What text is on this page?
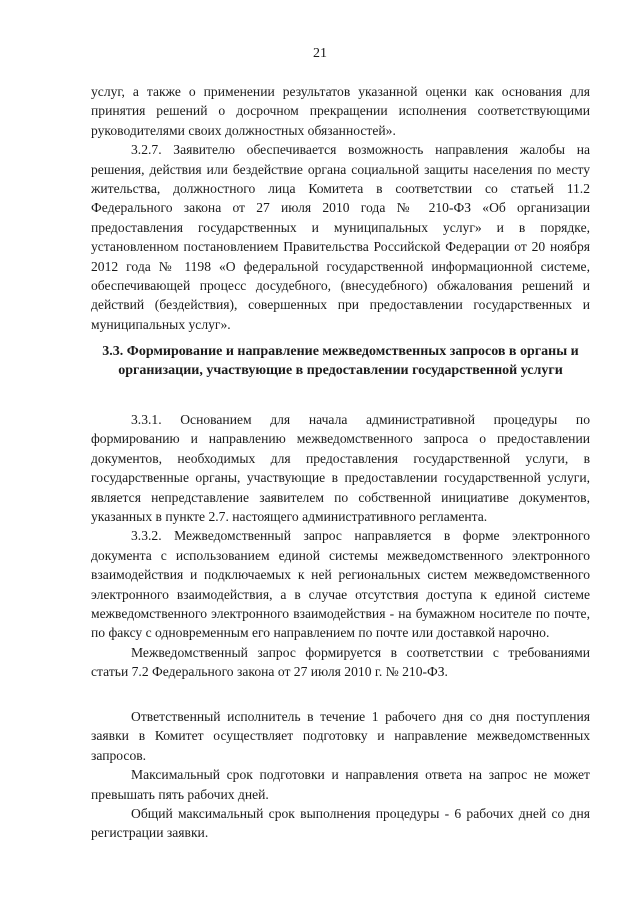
21

услуг, а также о применении результатов указанной оценки как основания для принятия решений о досрочном прекращении исполнения соответствующими руководителями своих должностных обязанностей».

3.2.7. Заявителю обеспечивается возможность направления жалобы на решения, действия или бездействие органа социальной защиты населения по месту жительства, должностного лица Комитета в соответствии со статьей 11.2 Федерального закона от 27 июля 2010 года № 210-ФЗ «Об организации предоставления государственных и муниципальных услуг» и в порядке, установленном постановлением Правительства Российской Федерации от 20 ноября 2012 года № 1198 «О федеральной государственной информационной системе, обеспечивающей процесс досудебного, (внесудебного) обжалования решений и действий (бездействия), совершенных при предоставлении государственных и муниципальных услуг».

3.3. Формирование и направление межведомственных запросов в органы и организации, участвующие в предоставлении государственной услуги

3.3.1. Основанием для начала административной процедуры по формированию и направлению межведомственного запроса о предоставлении документов, необходимых для предоставления государственной услуги, в государственные органы, участвующие в предоставлении государственной услуги, является непредставление заявителем по собственной инициативе документов, указанных в пункте 2.7. настоящего административного регламента.

3.3.2. Межведомственный запрос направляется в форме электронного документа с использованием единой системы межведомственного электронного взаимодействия и подключаемых к ней региональных систем межведомственного электронного взаимодействия, а в случае отсутствия доступа к единой системе межведомственного электронного взаимодействия - на бумажном носителе по почте, по факсу с одновременным его направлением по почте или доставкой нарочно.

Межведомственный запрос формируется в соответствии с требованиями статьи 7.2 Федерального закона от 27 июля 2010 г. № 210-ФЗ.

Ответственный исполнитель в течение 1 рабочего дня со дня поступления заявки в Комитет осуществляет подготовку и направление межведомственных запросов.

Максимальный срок подготовки и направления ответа на запрос не может превышать пять рабочих дней.

Общий максимальный срок выполнения процедуры - 6 рабочих дней со дня регистрации заявки.
